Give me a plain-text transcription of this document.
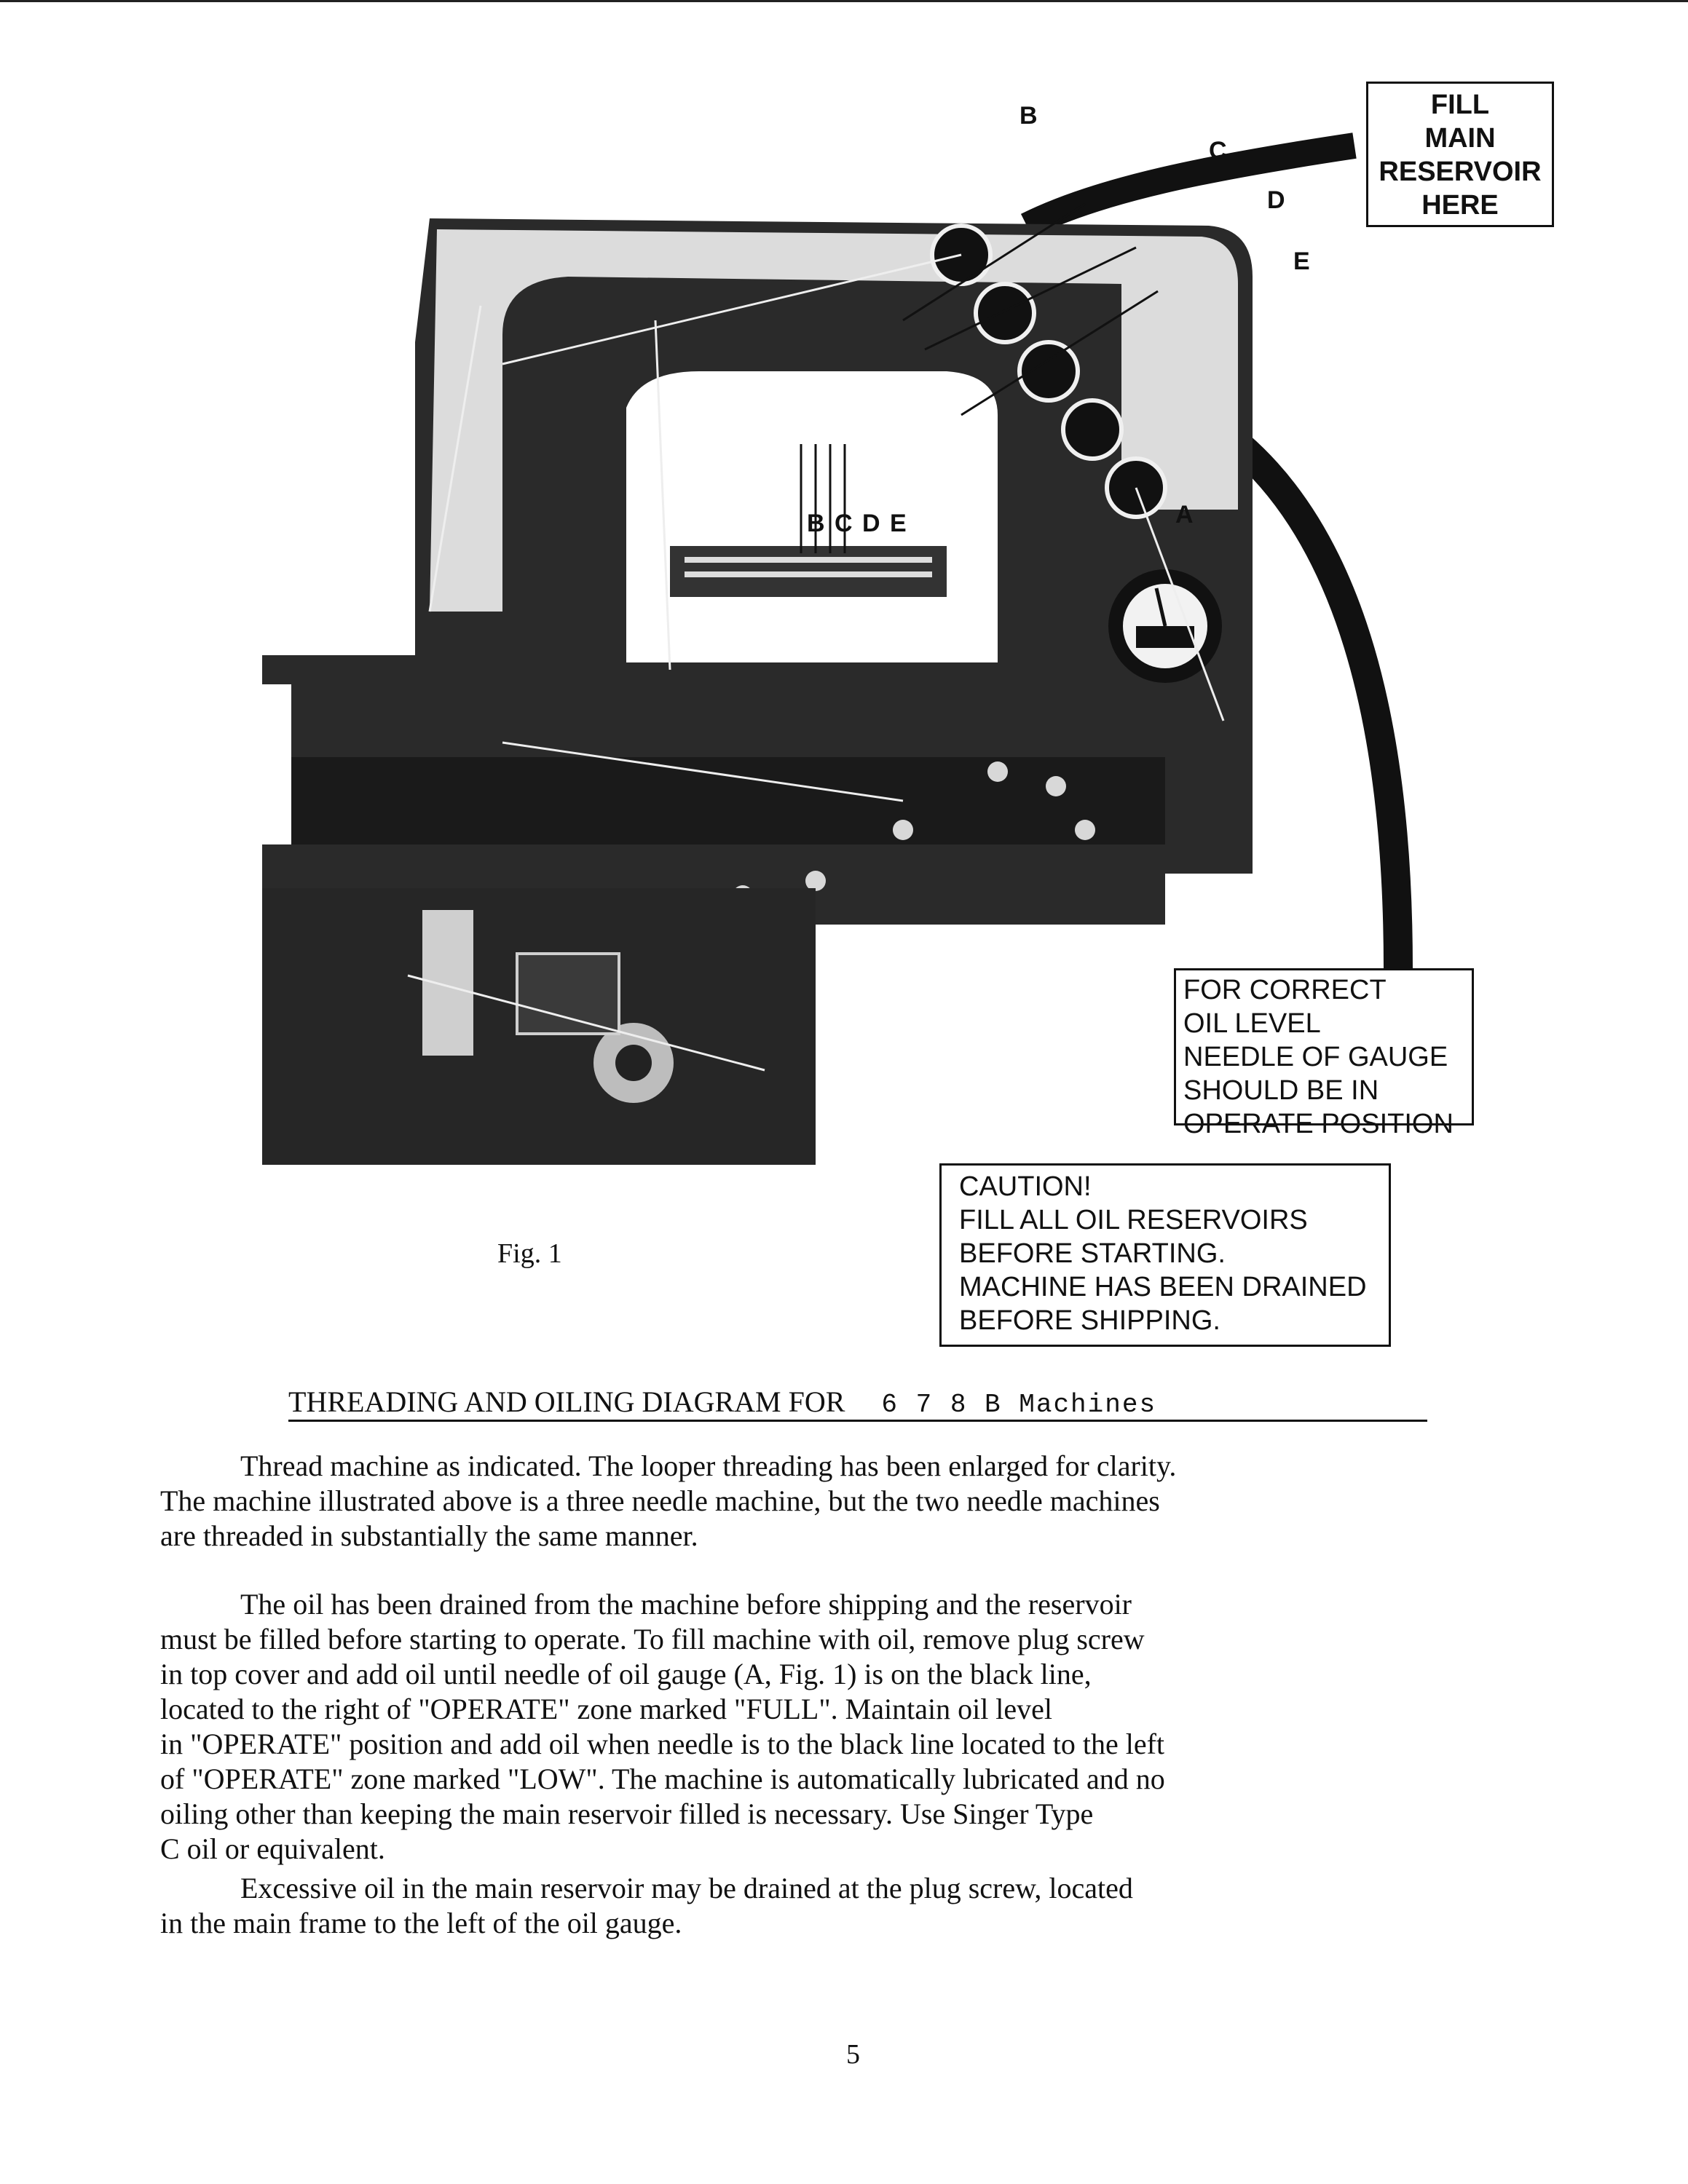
B
C
D
E
A
B C D E
FILL
MAIN
RESERVOIR
HERE
FOR CORRECT
OIL LEVEL
NEEDLE OF GAUGE
SHOULD BE IN
OPERATE POSITION
CAUTION!
FILL ALL OIL RESERVOIRS
BEFORE STARTING.
MACHINE HAS BEEN DRAINED
BEFORE SHIPPING.
Fig. 1
THREADING AND OILING DIAGRAM FOR 6 7 8 B Machines
Thread machine as indicated. The looper threading has been enlarged for clarity.
The machine illustrated above is a three needle machine, but the two needle machines
are threaded in substantially the same manner.
The oil has been drained from the machine before shipping and the reservoir
must be filled before starting to operate. To fill machine with oil, remove plug screw
in top cover and add oil until needle of oil gauge (A, Fig. 1) is on the black line,
located to the right of "OPERATE" zone marked "FULL". Maintain oil level
in "OPERATE" position and add oil when needle is to the black line located to the left
of "OPERATE" zone marked "LOW". The machine is automatically lubricated and no
oiling other than keeping the main reservoir filled is necessary. Use Singer Type
C oil or equivalent.
Excessive oil in the main reservoir may be drained at the plug screw, located
in the main frame to the left of the oil gauge.
5
